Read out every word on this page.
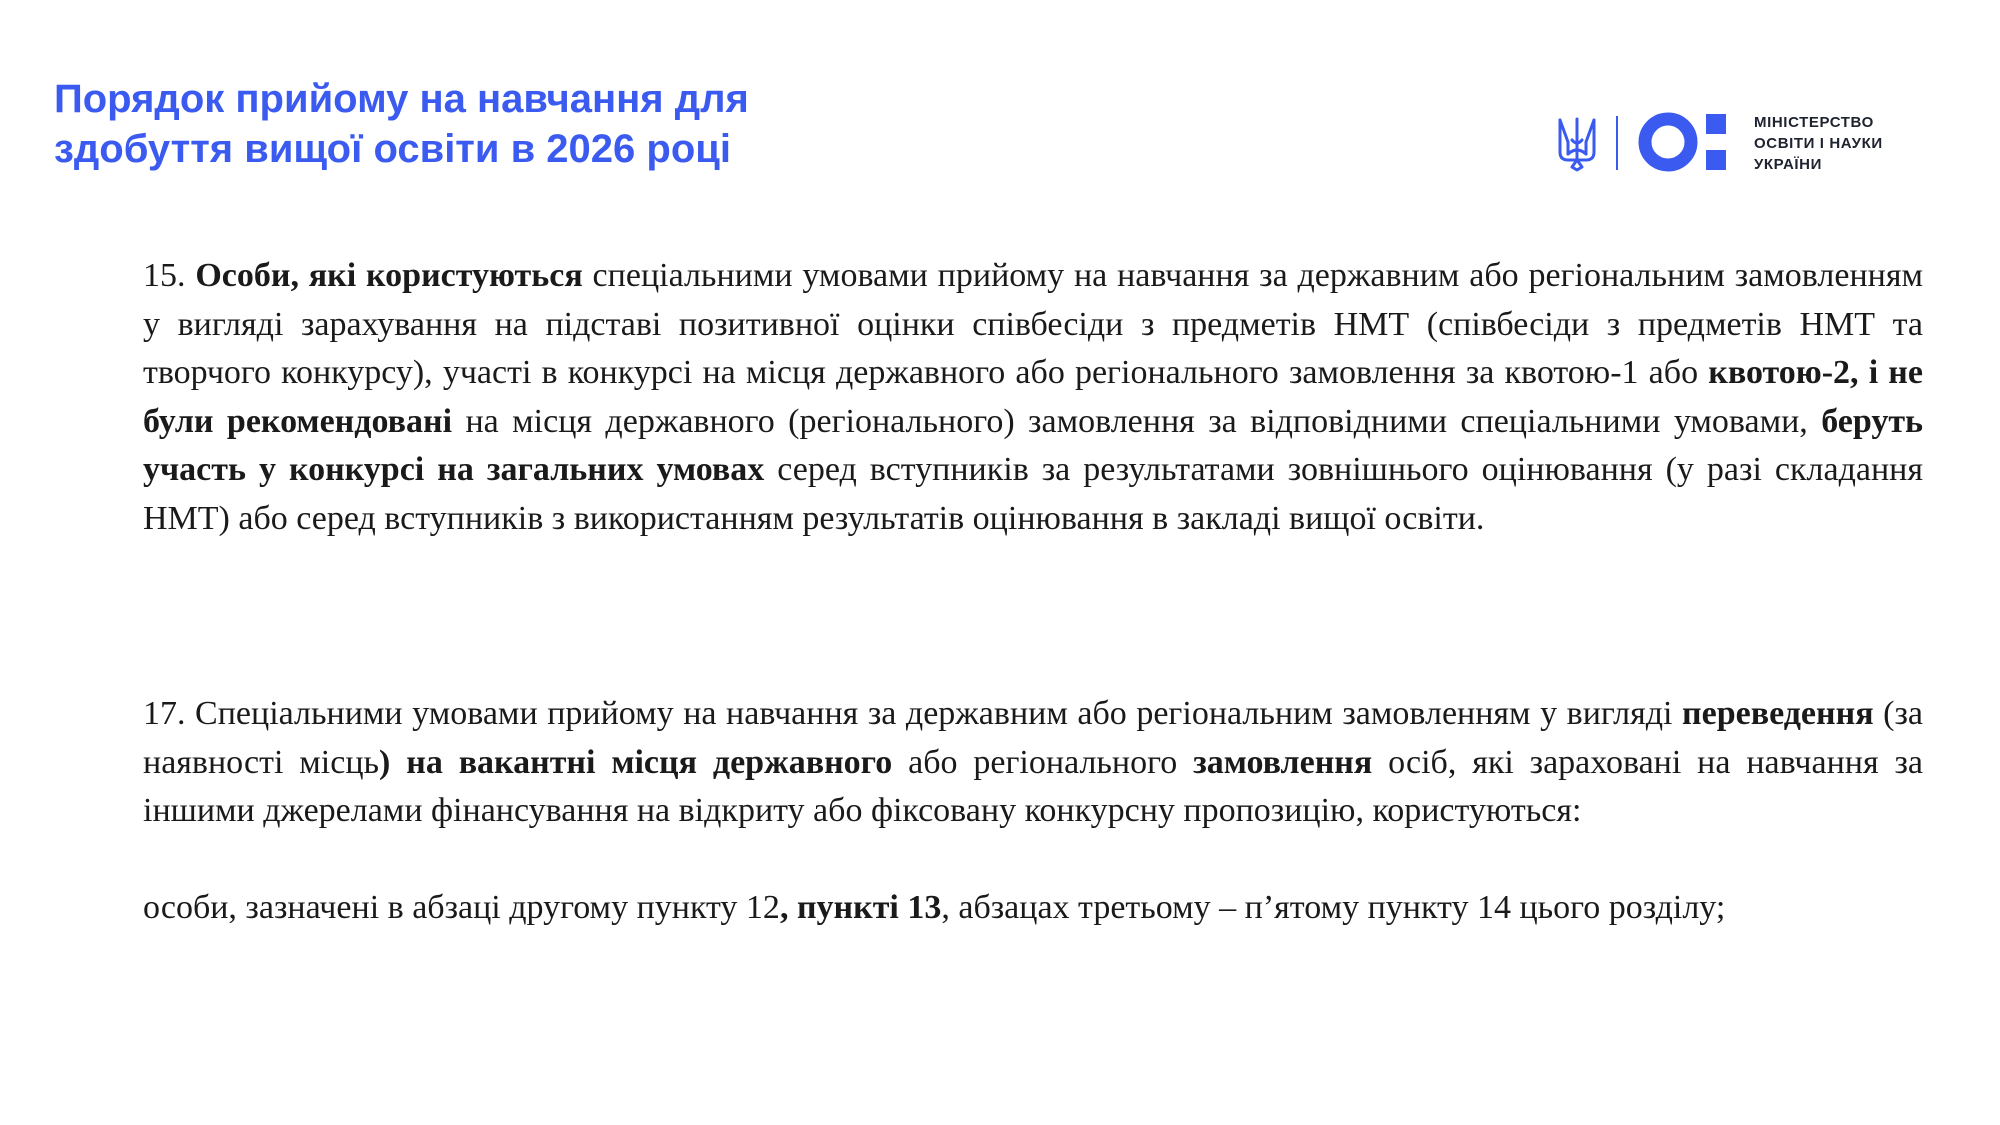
Порядок прийому на навчання для
здобуття вищої освіти в 2026 році
МІНІСТЕРСТВО
ОСВІТИ І НАУКИ
УКРАЇНИ

15. Особи, які користуються спеціальними умовами прийому на навчання за державним або регіональним замовленням у вигляді зарахування на підставі позитивної оцінки співбесіди з предметів НМТ (співбесіди з предметів НМТ та творчого конкурсу), участі в конкурсі на місця державного або регіонального замовлення за квотою-1 або квотою-2, і не були рекомендовані на місця державного (регіонального) замовлення за відповідними спеціальними умовами, беруть участь у конкурсі на загальних умовах серед вступників за результатами зовнішнього оцінювання (у разі складання НМТ) або серед вступників з використанням результатів оцінювання в закладі вищої освіти.

17. Спеціальними умовами прийому на навчання за державним або регіональним замовленням у вигляді переведення (за наявності місць) на вакантні місця державного або регіонального замовлення осіб, які зараховані на навчання за іншими джерелами фінансування на відкриту або фіксовану конкурсну пропозицію, користуються:

особи, зазначені в абзаці другому пункту 12, пункті 13, абзацах третьому – п’ятому пункту 14 цього розділу;
